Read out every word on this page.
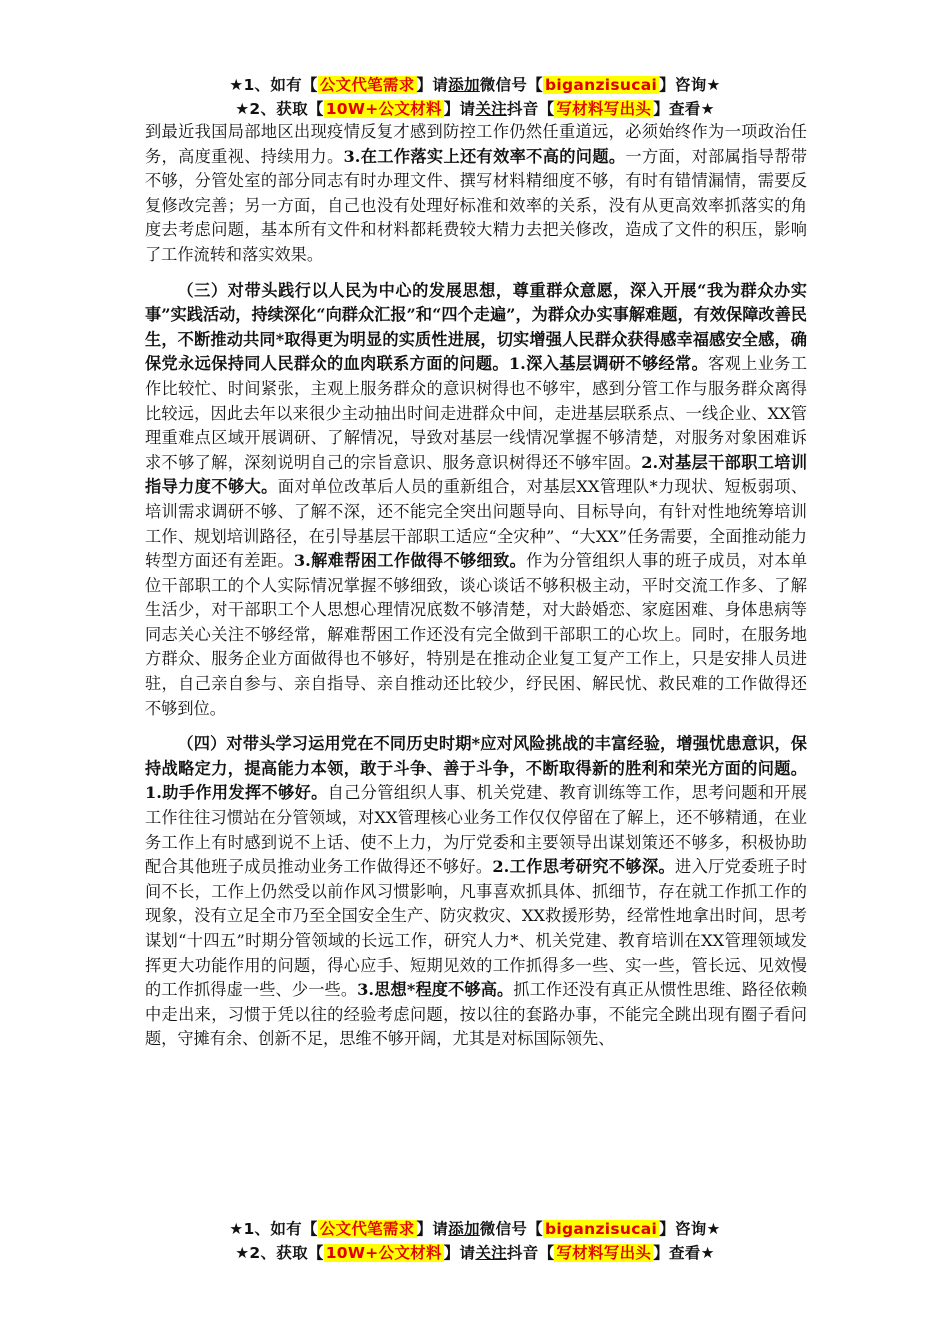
★1、如有【 公文代笔需求 】请添加微信号【 biganzisucai 】咨询★
★2、获取【 10W+公文材料 】请关注抖音【 写材料写出头 】查看★

到最近我国局部地区出现疫情反复才感到防控工作仍然任重道远，必须始终作为一项政治任务，高度重视、持续用力。3.在工作落实上还有效率不高的问题。一方面，对部属指导帮带不够，分管处室的部分同志有时办理文件、撰写材料精细度不够，有时有错情漏情，需要反复修改完善；另一方面，自己也没有处理好标准和效率的关系，没有从更高效率抓落实的角度去考虑问题，基本所有文件和材料都耗费较大精力去把关修改，造成了文件的积压，影响了工作流转和落实效果。

（三）对带头践行以人民为中心的发展思想，尊重群众意愿，深入开展“我为群众办实事”实践活动，持续深化“向群众汇报”和“四个走遍”，为群众办实事解难题，有效保障改善民生，不断推动共同*取得更为明显的实质性进展，切实增强人民群众获得感幸福感安全感，确保党永远保持同人民群众的血肉联系方面的问题。1.深入基层调研不够经常。客观上业务工作比较忙、时间紧张，主观上服务群众的意识树得也不够牢，感到分管工作与服务群众离得比较远，因此去年以来很少主动抽出时间走进群众中间，走进基层联系点、一线企业、XX管理重难点区域开展调研、了解情况，导致对基层一线情况掌握不够清楚，对服务对象困难诉求不够了解，深刻说明自己的宗旨意识、服务意识树得还不够牢固。2.对基层干部职工培训指导力度不够大。面对单位改革后人员的重新组合，对基层XX管理队*力现状、短板弱项、培训需求调研不够、了解不深，还不能完全突出问题导向、目标导向，有针对性地统筹培训工作、规划培训路径，在引导基层干部职工适应“全灾种”、“大XX”任务需要，全面推动能力转型方面还有差距。3.解难帮困工作做得不够细致。作为分管组织人事的班子成员，对本单位干部职工的个人实际情况掌握不够细致，谈心谈话不够积极主动，平时交流工作多、了解生活少，对干部职工个人思想心理情况底数不够清楚，对大龄婚恋、家庭困难、身体患病等同志关心关注不够经常，解难帮困工作还没有完全做到干部职工的心坎上。同时，在服务地方群众、服务企业方面做得也不够好，特别是在推动企业复工复产工作上，只是安排人员进驻，自己亲自参与、亲自指导、亲自推动还比较少，纾民困、解民忧、救民难的工作做得还不够到位。

（四）对带头学习运用党在不同历史时期*应对风险挑战的丰富经验，增强忧患意识，保持战略定力，提高能力本领，敢于斗争、善于斗争，不断取得新的胜利和荣光方面的问题。1.助手作用发挥不够好。自己分管组织人事、机关党建、教育训练等工作，思考问题和开展工作往往习惯站在分管领域，对XX管理核心业务工作仅仅停留在了解上，还不够精通，在业务工作上有时感到说不上话、使不上力，为厅党委和主要领导出谋划策还不够多，积极协助配合其他班子成员推动业务工作做得还不够好。2.工作思考研究不够深。进入厅党委班子时间不长，工作上仍然受以前作风习惯影响，凡事喜欢抓具体、抓细节，存在就工作抓工作的现象，没有立足全市乃至全国安全生产、防灾救灾、XX救援形势，经常性地拿出时间，思考谋划“十四五”时期分管领域的长远工作，研究人力*、机关党建、教育培训在XX管理领域发挥更大功能作用的问题，得心应手、短期见效的工作抓得多一些、实一些，管长远、见效慢的工作抓得虚一些、少一些。3.思想*程度不够高。抓工作还没有真正从惯性思维、路径依赖中走出来，习惯于凭以往的经验考虑问题，按以往的套路办事，不能完全跳出现有圈子看问题，守摊有余、创新不足，思维不够开阔，尤其是对标国际领先、

★1、如有【 公文代笔需求 】请添加微信号【 biganzisucai 】咨询★
★2、获取【 10W+公文材料 】请关注抖音【 写材料写出头 】查看★
